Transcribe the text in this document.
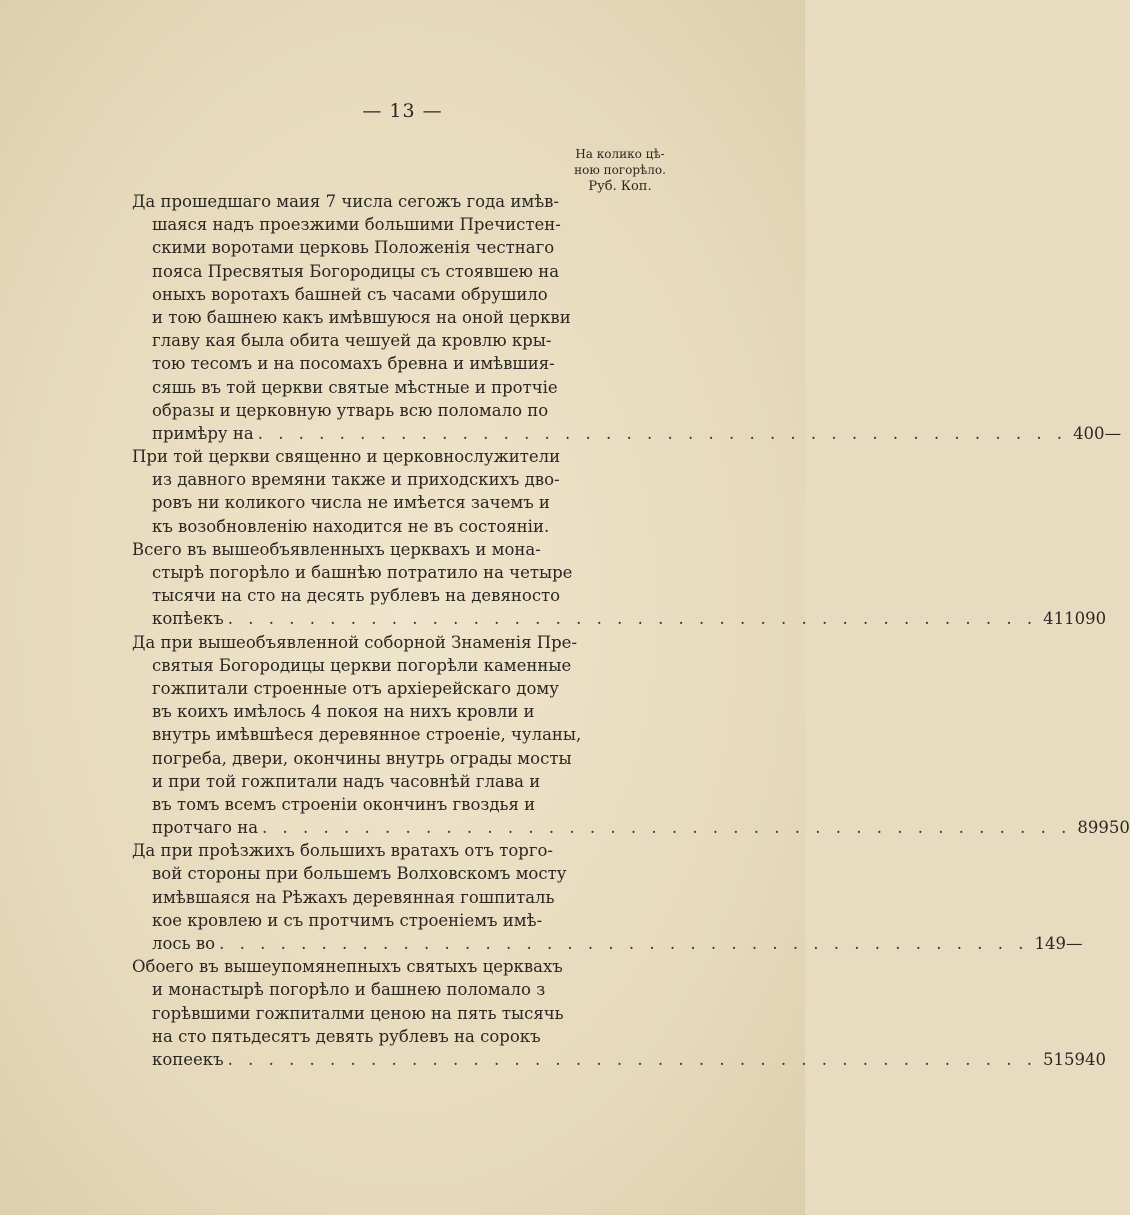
— 13 —
На колико цѣ-
ною погорѣло.
Руб. Коп.
Да прошедшаго маия 7 числа сегожъ года имѣв-
шаяся надъ проезжими большими Пречистен-
скими воротами церковь Положенія честнаго
пояса Пресвятыя Богородицы съ стоявшею на
оныхъ воротахъ башней съ часами обрушило
и тою башнею какъ имѣвшуюся на оной церкви
главу кая была обита чешуей да кровлю кры-
тою тесомъ и на посомахъ бревна и имѣвшия-
сяшь въ той церкви святые мѣстные и протчіе
образы и церковную утварь всю поломало по
примѣру на . . . . . . . . . . . . . . . . . . . . . . . . . . . . . . . . . . . . . . . . 400 —
При той церкви священно и церковнослужители
из давного времяни также и приходскихъ дво-
ровъ ни коликого числа не имѣется зачемъ и
къ возобновленію находится не въ состояніи.
Всего въ вышеобъявленныхъ церквахъ и мона-
стырѣ погорѣло и башнѣю потратило на четыре
тысячи на сто на десять рублевъ на девяносто
копѣекъ . . . . . . . . . . . . . . . . . . . . . . . . . . . . . . . . . . . . . . . . 4110 90
Да при вышеобъявленной соборной Знаменія Пре-
святыя Богородицы церкви погорѣли каменные
гожпитали строенные отъ архіерейскаго дому
въ коихъ имѣлось 4 покоя на нихъ кровли и
внутрь имѣвшѣеся деревянное строеніе, чуланы,
погреба, двери, окончины внутрь ограды мосты
и при той гожпитали надъ часовнѣй глава и
въ томъ всемъ строеніи окончинъ гвоздья и
протчаго на . . . . . . . . . . . . . . . . . . . . . . . . . . . . . . . . . . . . . . . . 899 50
Да при проѣзжихъ большихъ вратахъ отъ торго-
вой стороны при большемъ Волховскомъ мосту
имѣвшаяся на Рѣжахъ деревянная гошпиталь
кое кровлею и съ протчимъ строеніемъ имѣ-
лось во . . . . . . . . . . . . . . . . . . . . . . . . . . . . . . . . . . . . . . . . 149 —
Обоего въ вышеупомянепныхъ святыхъ церквахъ
и монастырѣ погорѣло и башнею поломало з
горѣвшими гожпиталми ценою на пять тысячь
на сто пятьдесятъ девять рублевъ на сорокъ
копеекъ . . . . . . . . . . . . . . . . . . . . . . . . . . . . . . . . . . . . . . . . 5159 40
